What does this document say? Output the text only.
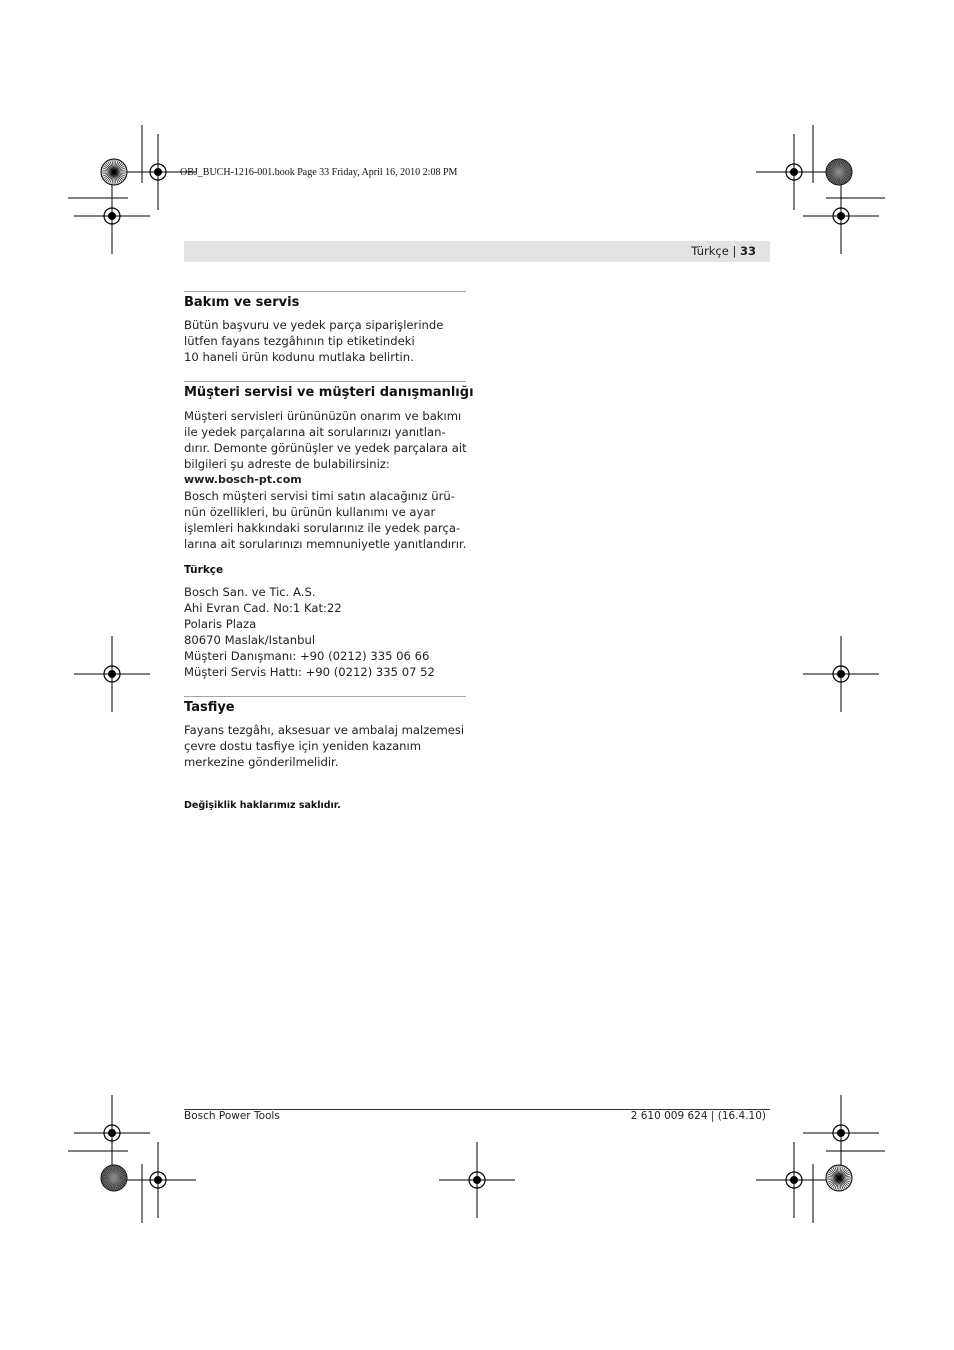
OBJ_BUCH-1216-001.book Page 33 Friday, April 16, 2010 2:08 PM
Türkçe | 33
Bakım ve servis
Bütün başvuru ve yedek parça siparişlerinde
lütfen fayans tezgâhının tip etiketindeki
10 haneli ürün kodunu mutlaka belirtin.
Müşteri servisi ve müşteri danışmanlığı
Müşteri servisleri ürününüzün onarım ve bakımı
ile yedek parçalarına ait sorularınızı yanıtlan-
dırır. Demonte görünüşler ve yedek parçalara ait
bilgileri şu adreste de bulabilirsiniz:
www.bosch-pt.com
Bosch müşteri servisi timi satın alacağınız ürü-
nün özellikleri, bu ürünün kullanımı ve ayar
işlemleri hakkındaki sorularınız ile yedek parça-
larına ait sorularınızı memnuniyetle yanıtlandırır.
Türkçe
Bosch San. ve Tic. A.S.
Ahi Evran Cad. No:1 Kat:22
Polaris Plaza
80670 Maslak/Istanbul
Müşteri Danışmanı: +90 (0212) 335 06 66
Müşteri Servis Hattı: +90 (0212) 335 07 52
Tasfiye
Fayans tezgâhı, aksesuar ve ambalaj malzemesi
çevre dostu tasfiye için yeniden kazanım
merkezine gönderilmelidir.
Değişiklik haklarımız saklıdır.
Bosch Power Tools	2 610 009 624 | (16.4.10)
